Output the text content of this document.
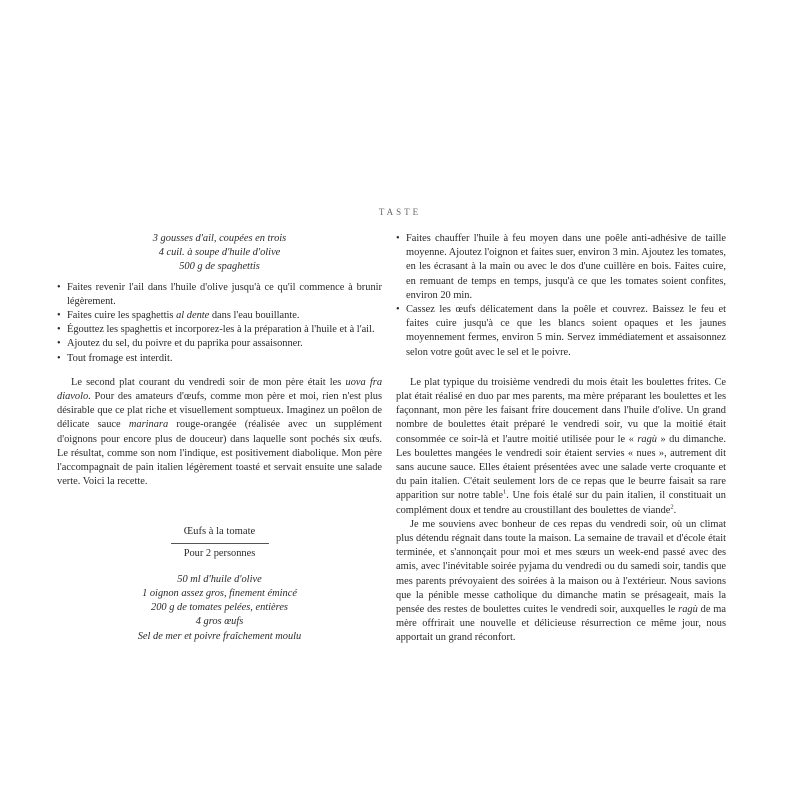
TASTE
3 gousses d'ail, coupées en trois
4 cuil. à soupe d'huile d'olive
500 g de spaghettis
• Faites revenir l'ail dans l'huile d'olive jusqu'à ce qu'il commence à brunir légèrement.
• Faites cuire les spaghettis al dente dans l'eau bouillante.
• Égouttez les spaghettis et incorporez-les à la préparation à l'huile et à l'ail.
• Ajoutez du sel, du poivre et du paprika pour assaisonner.
• Tout fromage est interdit.

Le second plat courant du vendredi soir de mon père était les uova fra diavolo. Pour des amateurs d'œufs, comme mon père et moi, rien n'est plus désirable que ce plat riche et visuellement somptueux. Imaginez un poêlon de délicate sauce marinara rouge-orangée (réalisée avec un supplément d'oignons pour encore plus de douceur) dans laquelle sont pochés six œufs. Le résultat, comme son nom l'indique, est positivement diabolique. Mon père l'accompagnait de pain italien légèrement toasté et servait ensuite une salade verte. Voici la recette.

Œufs à la tomate
Pour 2 personnes
50 ml d'huile d'olive
1 oignon assez gros, finement émincé
200 g de tomates pelées, entières
4 gros œufs
Sel de mer et poivre fraîchement moulu
• Faites chauffer l'huile à feu moyen dans une poêle anti-adhésive de taille moyenne. Ajoutez l'oignon et faites suer, environ 3 min. Ajoutez les tomates, en les écrasant à la main ou avec le dos d'une cuillère en bois. Faites cuire, en remuant de temps en temps, jusqu'à ce que les tomates soient confites, environ 20 min.
• Cassez les œufs délicatement dans la poêle et couvrez. Baissez le feu et faites cuire jusqu'à ce que les blancs soient opaques et les jaunes moyennement fermes, environ 5 min. Servez immédiatement et assaisonnez selon votre goût avec le sel et le poivre.

Le plat typique du troisième vendredi du mois était les boulettes frites. Ce plat était réalisé en duo par mes parents, ma mère préparant les boulettes et les façonnant, mon père les faisant frire doucement dans l'huile d'olive. Un grand nombre de boulettes était préparé le vendredi soir, vu que la moitié était consommée ce soir-là et l'autre moitié utilisée pour le « ragù » du dimanche. Les boulettes mangées le vendredi soir étaient servies « nues », autrement dit sans aucune sauce. Elles étaient présentées avec une salade verte croquante et du pain italien. C'était seulement lors de ce repas que le beurre faisait sa rare apparition sur notre table$^1$. Une fois étalé sur du pain italien, il constituait un complément doux et tendre au croustillant des boulettes de viande$^2$.

Je me souviens avec bonheur de ces repas du vendredi soir, où un climat plus détendu régnait dans toute la maison. La semaine de travail et d'école était terminée, et s'annonçait pour moi et mes sœurs un week-end passé avec des amis, avec l'inévitable soirée pyjama du vendredi ou du samedi soir, tandis que mes parents prévoyaient des soirées à la maison ou à l'extérieur. Nous savions que la pénible messe catholique du dimanche matin se présageait, mais la pensée des restes de boulettes cuites le vendredi soir, auxquelles le ragù de ma mère offrirait une nouvelle et délicieuse résurrection ce même jour, nous apportait un grand réconfort.
